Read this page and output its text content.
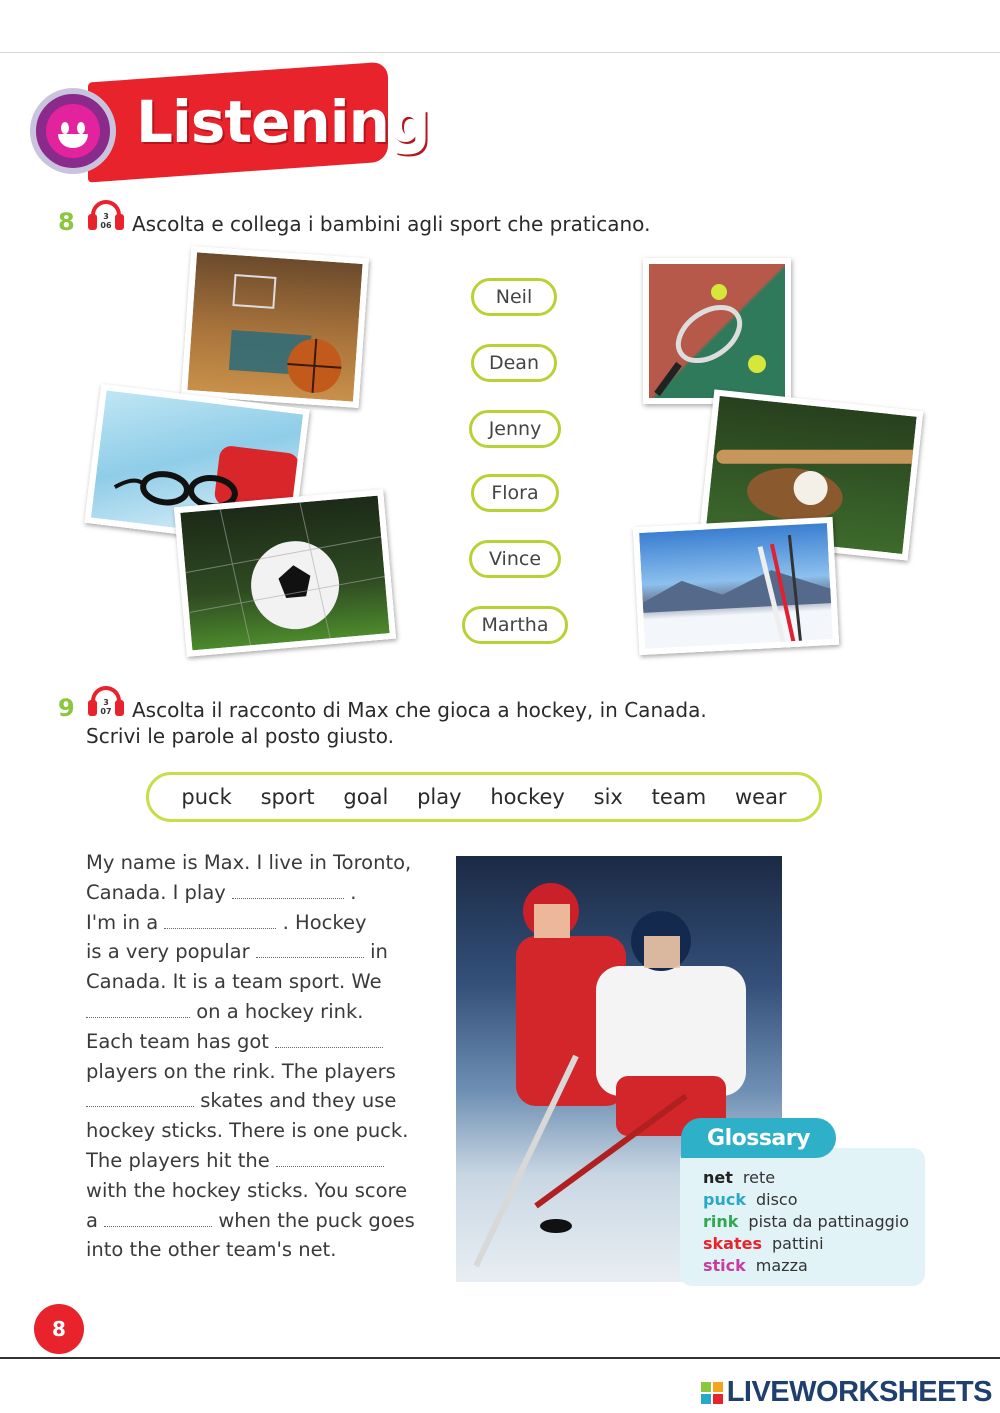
Listening
8	3
06 Ascolta e collega i bambini agli sport che praticano.
Neil
Dean
Jenny
Flora
Vince
Martha
9	3
07 Ascolta il racconto di Max che gioca a hockey, in Canada.
Scrivi le parole al posto giusto.
puck sport goal play hockey six team wear
My name is Max. I live in Toronto,
Canada. I play	.
I'm in a	. Hockey
is a very popular	in
Canada. It is a team sport. We
on a hockey rink.
Each team has got
players on the rink. The players
skates and they use
hockey sticks. There is one puck.
The players hit the
with the hockey sticks. You score
a	when the puck goes
into the other team's net.
Glossary
net rete
puck disco
rink pista da pattinaggio
skates pattini
stick mazza
8
LIVEWORKSHEETS
